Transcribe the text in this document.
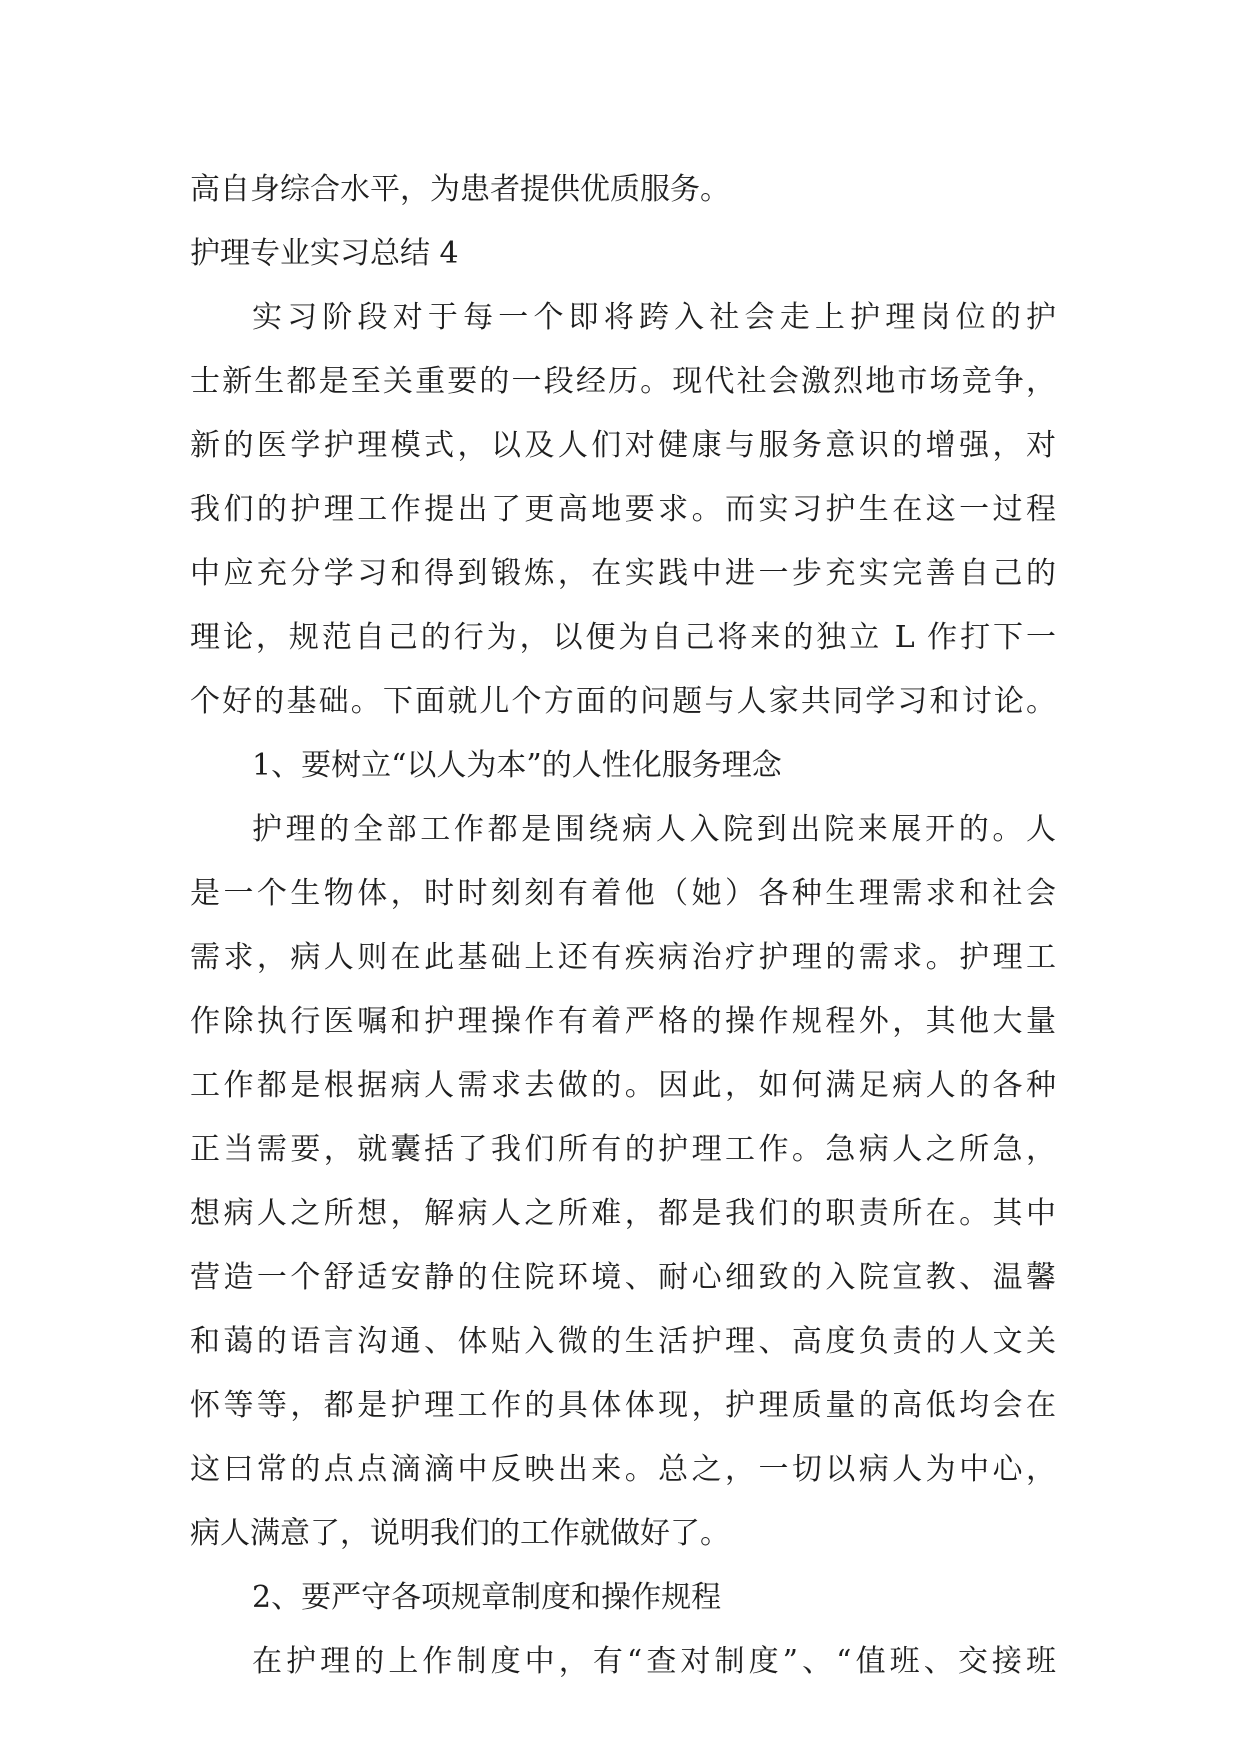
高自身综合水平，为患者提供优质服务。
护理专业实习总结 4
实习阶段对于每一个即将跨入社会走上护理岗位的护
士新生都是至关重要的一段经历。现代社会激烈地市场竞争，
新的医学护理模式，以及人们对健康与服务意识的增强，对
我们的护理工作提出了更高地要求。而实习护生在这一过程
中应充分学习和得到锻炼，在实践中进一步充实完善自己的
理论，规范自己的行为，以便为自己将来的独立 L 作打下一
个好的基础。下面就儿个方面的问题与人家共同学习和讨论。
1、要树立“以人为本”的人性化服务理念
护理的全部工作都是围绕病人入院到出院来展开的。人
是一个生物体，时时刻刻有着他（她）各种生理需求和社会
需求，病人则在此基础上还有疾病治疗护理的需求。护理工
作除执行医嘱和护理操作有着严格的操作规程外，其他大量
工作都是根据病人需求去做的。因此，如何满足病人的各种
正当需要，就囊括了我们所有的护理工作。急病人之所急，
想病人之所想，解病人之所难，都是我们的职责所在。其中
营造一个舒适安静的住院环境、耐心细致的入院宣教、温馨
和蔼的语言沟通、体贴入微的生活护理、高度负责的人文关
怀等等，都是护理工作的具体体现，护理质量的高低均会在
这曰常的点点滴滴中反映出来。总之，一切以病人为中心，
病人满意了，说明我们的工作就做好了。
2、要严守各项规章制度和操作规程
在护理的上作制度中，有“查对制度”、“值班、交接班
